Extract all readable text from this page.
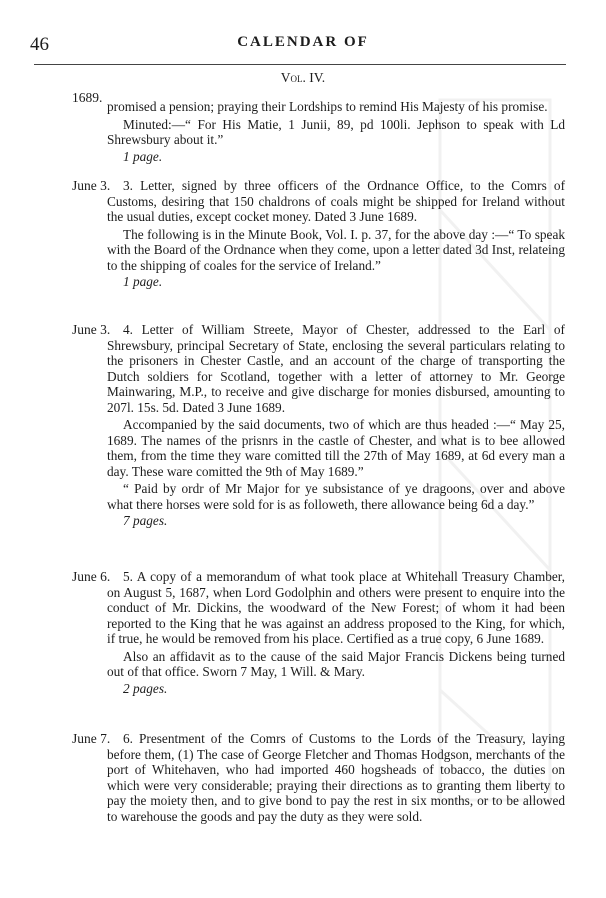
46	CALENDAR OF
Vol. IV.
1689.

promised a pension; praying their Lordships to remind His Majesty of his promise.

Minuted:—“ For His Matie, 1 Junii, 89, pd 100li. Jephson to speak with Ld Shrewsbury about it.”

1 page.

June 3. 3. Letter, signed by three officers of the Ordnance Office, to the Comrs of Customs, desiring that 150 chaldrons of coals might be shipped for Ireland without the usual duties, except cocket money. Dated 3 June 1689.

The following is in the Minute Book, Vol. I. p. 37, for the above day :—“ To speak with the Board of the Ordnance when they come, upon a letter dated 3d Inst, relateing to the shipping of coales for the service of Ireland.”

1 page.

June 3. 4. Letter of William Streete, Mayor of Chester, addressed to the Earl of Shrewsbury, principal Secretary of State, enclosing the several particulars relating to the prisoners in Chester Castle, and an account of the charge of transporting the Dutch soldiers for Scotland, together with a letter of attorney to Mr. George Mainwaring, M.P., to receive and give discharge for monies disbursed, amounting to 207l. 15s. 5d. Dated 3 June 1689.

Accompanied by the said documents, two of which are thus headed :—“ May 25, 1689. The names of the prisnrs in the castle of Chester, and what is to bee allowed them, from the time they ware comitted till the 27th of May 1689, at 6d every man a day. These ware comitted the 9th of May 1689.”

“ Paid by ordr of Mr Major for ye subsistance of ye dragoons, over and above what there horses were sold for is as followeth, there allowance being 6d a day.”

7 pages.

June 6. 5. A copy of a memorandum of what took place at Whitehall Treasury Chamber, on August 5, 1687, when Lord Godolphin and others were present to enquire into the conduct of Mr. Dickins, the woodward of the New Forest; of whom it had been reported to the King that he was against an address proposed to the King, for which, if true, he would be removed from his place. Certified as a true copy, 6 June 1689.

Also an affidavit as to the cause of the said Major Francis Dickens being turned out of that office. Sworn 7 May, 1 Will. & Mary.

2 pages.

June 7. 6. Presentment of the Comrs of Customs to the Lords of the Treasury, laying before them, (1) The case of George Fletcher and Thomas Hodgson, merchants of the port of Whitehaven, who had imported 460 hogsheads of tobacco, the duties on which were very considerable; praying their directions as to granting them liberty to pay the moiety then, and to give bond to pay the rest in six months, or to be allowed to warehouse the goods and pay the duty as they were sold.
